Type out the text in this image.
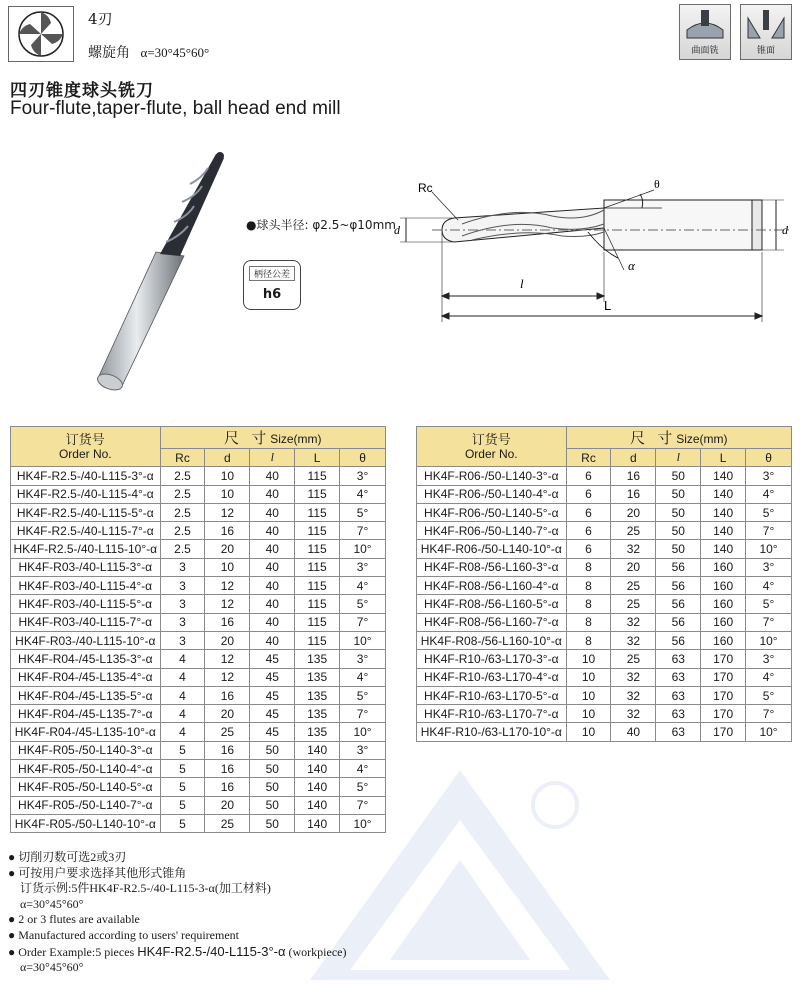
4刃
螺旋角 α=30°45°60°	曲面铣	锥面
四刃锥度球头铣刀
Four-flute,taper-flute, ball head end mill
●球头半径: φ2.5~φ10mm
柄径公差
h6
Rc	θ
α
d	d
l
L
订货号
Order No.	尺 寸Size(mm)				
	Rc	d	l	L	θ
HK4F-R2.5-/40-L115-3°-α	2.5	10	40	115	3°
HK4F-R2.5-/40-L115-4°-α	2.5	10	40	115	4°
HK4F-R2.5-/40-L115-5°-α	2.5	12	40	115	5°
HK4F-R2.5-/40-L115-7°-α	2.5	16	40	115	7°
HK4F-R2.5-/40-L115-10°-α	2.5	20	40	115	10°
HK4F-R03-/40-L115-3°-α	3	10	40	115	3°
HK4F-R03-/40-L115-4°-α	3	12	40	115	4°
HK4F-R03-/40-L115-5°-α	3	12	40	115	5°
HK4F-R03-/40-L115-7°-α	3	16	40	115	7°
HK4F-R03-/40-L115-10°-α	3	20	40	115	10°
HK4F-R04-/45-L135-3°-α	4	12	45	135	3°
HK4F-R04-/45-L135-4°-α	4	12	45	135	4°
HK4F-R04-/45-L135-5°-α	4	16	45	135	5°
HK4F-R04-/45-L135-7°-α	4	20	45	135	7°
HK4F-R04-/45-L135-10°-α	4	25	45	135	10°
HK4F-R05-/50-L140-3°-α	5	16	50	140	3°
HK4F-R05-/50-L140-4°-α	5	16	50	140	4°
HK4F-R05-/50-L140-5°-α	5	16	50	140	5°
HK4F-R05-/50-L140-7°-α	5	20	50	140	7°
HK4F-R05-/50-L140-10°-α	5	25	50	140	10°
订货号
Order No.	尺 寸Size(mm)				
	Rc	d	l	L	θ
HK4F-R06-/50-L140-3°-α	6	16	50	140	3°
HK4F-R06-/50-L140-4°-α	6	16	50	140	4°
HK4F-R06-/50-L140-5°-α	6	20	50	140	5°
HK4F-R06-/50-L140-7°-α	6	25	50	140	7°
HK4F-R06-/50-L140-10°-α	6	32	50	140	10°
HK4F-R08-/56-L160-3°-α	8	20	56	160	3°
HK4F-R08-/56-L160-4°-α	8	25	56	160	4°
HK4F-R08-/56-L160-5°-α	8	25	56	160	5°
HK4F-R08-/56-L160-7°-α	8	32	56	160	7°
HK4F-R08-/56-L160-10°-α	8	32	56	160	10°
HK4F-R10-/63-L170-3°-α	10	25	63	170	3°
HK4F-R10-/63-L170-4°-α	10	32	63	170	4°
HK4F-R10-/63-L170-5°-α	10	32	63	170	5°
HK4F-R10-/63-L170-7°-α	10	32	63	170	7°
HK4F-R10-/63-L170-10°-α	10	40	63	170	10°
● 切削刃数可选2或3刃
● 可按用户要求选择其他形式锥角
订货示例:5件HK4F-R2.5-/40-L115-3-α(加工材料)
α=30°45°60°
● 2 or 3 flutes are available
● Manufactured according to users' requirement
● Order Example:5 pieces HK4F-R2.5-/40-L115-3°-α (workpiece)
α=30°45°60°
